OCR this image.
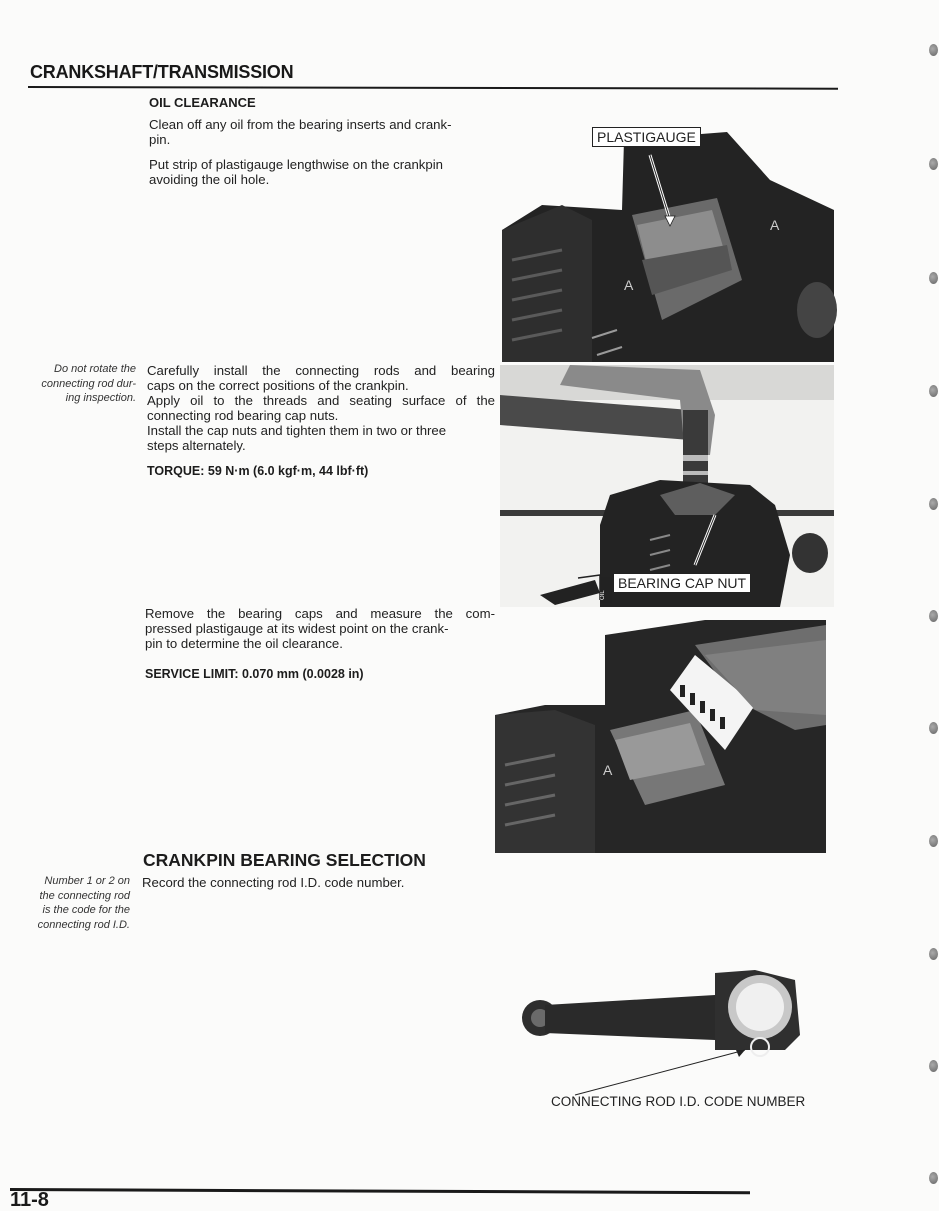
CRANKSHAFT/TRANSMISSION
OIL CLEARANCE
Clean off any oil from the bearing inserts and crank-
pin.
Put strip of plastigauge lengthwise on the crankpin
avoiding the oil hole.
Do not rotate the
connecting rod dur-
ing inspection.
Carefully install the connecting rods and bearing
caps on the correct positions of the crankpin.
Apply oil to the threads and seating surface of the
connecting rod bearing cap nuts.
Install the cap nuts and tighten them in two or three
steps alternately.
TORQUE: 59 N·m (6.0 kgf·m, 44 lbf·ft)
Remove the bearing caps and measure the com-
pressed plastigauge at its widest point on the crank-
pin to determine the oil clearance.
SERVICE LIMIT: 0.070 mm (0.0028 in)
CRANKPIN BEARING SELECTION
Record the connecting rod I.D. code number.
Number 1 or 2 on
the connecting rod
is the code for the
connecting rod I.D.
A
A
PLASTIGAUGE
OIL
BEARING CAP NUT
A
CONNECTING ROD I.D. CODE NUMBER
11-8
